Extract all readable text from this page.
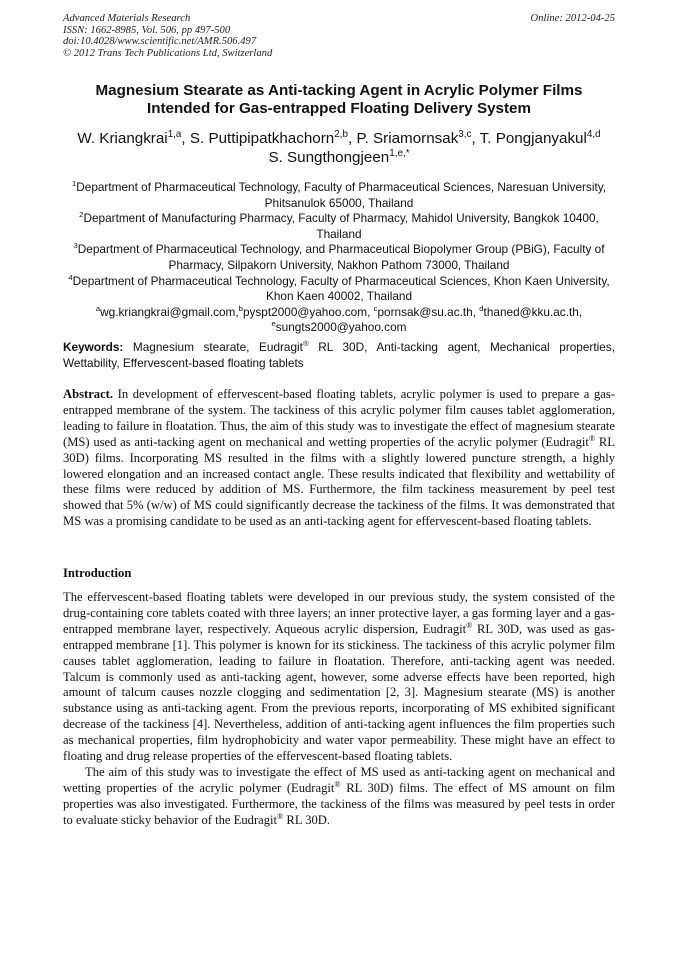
Advanced Materials Research
ISSN: 1662-8985, Vol. 506, pp 497-500
doi:10.4028/www.scientific.net/AMR.506.497
© 2012 Trans Tech Publications Ltd, Switzerland
Online: 2012-04-25
Magnesium Stearate as Anti-tacking Agent in Acrylic Polymer Films
Intended for Gas-entrapped Floating Delivery System
W. Kriangkrai$^{1,a}$, S. Puttipipatkhachorn$^{2,b}$, P. Sriamornsak$^{3,c}$, T. Pongjanyakul$^{4,d}$
S. Sungthongjeen$^{1,e,*}$
$^1$Department of Pharmaceutical Technology, Faculty of Pharmaceutical Sciences, Naresuan University, Phitsanulok 65000, Thailand
$^2$Department of Manufacturing Pharmacy, Faculty of Pharmacy, Mahidol University, Bangkok 10400, Thailand
$^3$Department of Pharmaceutical Technology, and Pharmaceutical Biopolymer Group (PBiG), Faculty of Pharmacy, Silpakorn University, Nakhon Pathom 73000, Thailand
$^4$Department of Pharmaceutical Technology, Faculty of Pharmaceutical Sciences, Khon Kaen University, Khon Kaen 40002, Thailand
$^a$wg.kriangkrai@gmail.com,$^b$pyspt2000@yahoo.com, $^c$pornsak@su.ac.th, $^d$thaned@kku.ac.th,
$^e$sungts2000@yahoo.com
Keywords: Magnesium stearate, Eudragit® RL 30D, Anti-tacking agent, Mechanical properties, Wettability, Effervescent-based floating tablets

Abstract. In development of effervescent-based floating tablets, acrylic polymer is used to prepare a gas-entrapped membrane of the system. The tackiness of this acrylic polymer film causes tablet agglomeration, leading to failure in floatation. Thus, the aim of this study was to investigate the effect of magnesium stearate (MS) used as anti-tacking agent on mechanical and wetting properties of the acrylic polymer (Eudragit® RL 30D) films. Incorporating MS resulted in the films with a slightly lowered puncture strength, a highly lowered elongation and an increased contact angle. These results indicated that flexibility and wettability of these films were reduced by addition of MS. Furthermore, the film tackiness measurement by peel test showed that 5% (w/w) of MS could significantly decrease the tackiness of the films. It was demonstrated that MS was a promising candidate to be used as an anti-tacking agent for effervescent-based floating tablets.

Introduction

The effervescent-based floating tablets were developed in our previous study, the system consisted of the drug-containing core tablets coated with three layers; an inner protective layer, a gas forming layer and a gas-entrapped membrane layer, respectively. Aqueous acrylic dispersion, Eudragit® RL 30D, was used as gas-entrapped membrane [1]. This polymer is known for its stickiness. The tackiness of this acrylic polymer film causes tablet agglomeration, leading to failure in floatation. Therefore, anti-tacking agent was needed. Talcum is commonly used as anti-tacking agent, however, some adverse effects have been reported, high amount of talcum causes nozzle clogging and sedimentation [2, 3]. Magnesium stearate (MS) is another substance using as anti-tacking agent. From the previous reports, incorporating of MS exhibited significant decrease of the tackiness [4]. Nevertheless, addition of anti-tacking agent influences the film properties such as mechanical properties, film hydrophobicity and water vapor permeability. These might have an effect to floating and drug release properties of the effervescent-based floating tablets.

The aim of this study was to investigate the effect of MS used as anti-tacking agent on mechanical and wetting properties of the acrylic polymer (Eudragit® RL 30D) films. The effect of MS amount on film properties was also investigated. Furthermore, the tackiness of the films was measured by peel tests in order to evaluate sticky behavior of the Eudragit® RL 30D.
